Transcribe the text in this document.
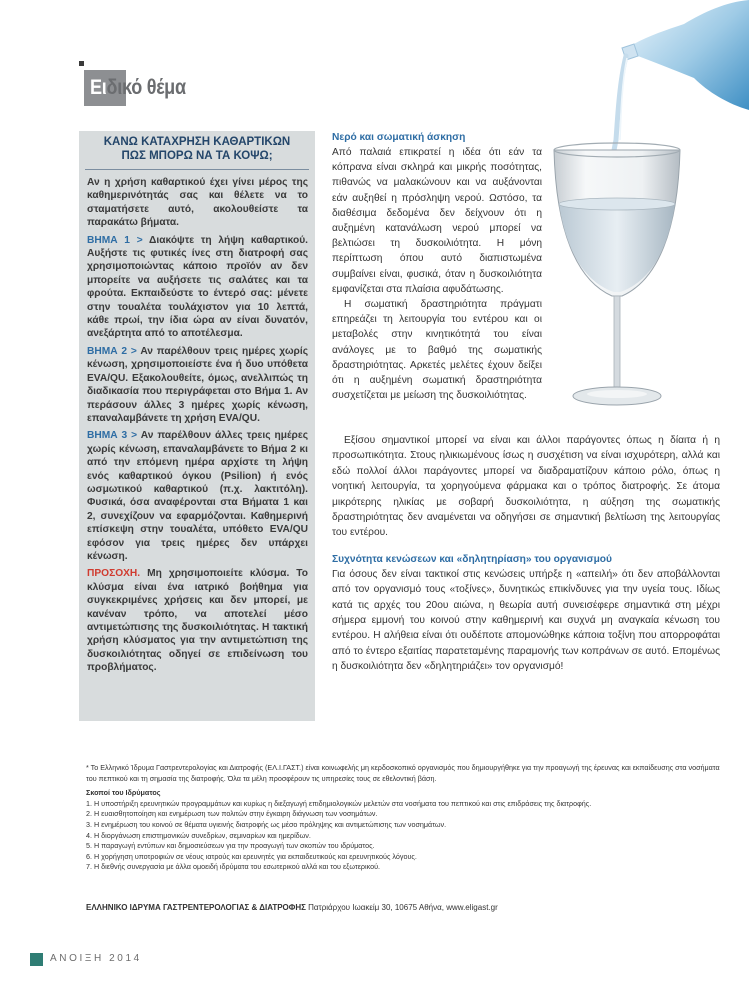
Ειδικό θέμα
ΚΑΝΩ ΚΑΤΑΧΡΗΣΗ ΚΑΘΑΡΤΙΚΩΝ
ΠΩΣ ΜΠΟΡΩ ΝΑ ΤΑ ΚΟΨΩ;

Αν η χρήση καθαρτικού έχει γίνει μέρος της καθημερινότητάς σας και θέλετε να το σταματήσετε αυτό, ακολουθείστε τα παρακάτω βήματα.

ΒΗΜΑ 1 > Διακόψτε τη λήψη καθαρτικού. Αυξήστε τις φυτικές ίνες στη διατροφή σας χρησιμοποιώντας κάποιο προϊόν αν δεν μπορείτε να αυξήσετε τις σαλάτες και τα φρούτα. Εκπαιδεύστε το έντερό σας: μένετε στην τουαλέτα τουλάχιστον για 10 λεπτά, κάθε πρωί, την ίδια ώρα αν είναι δυνατόν, ανεξάρτητα από το αποτέλεσμα.

ΒΗΜΑ 2 > Αν παρέλθουν τρεις ημέρες χωρίς κένωση, χρησιμοποιείστε ένα ή δυο υπόθετα EVA/QU. Εξακολουθείτε, όμως, ανελλιπώς τη διαδικασία που περιγράφεται στο Βήμα 1. Αν περάσουν άλλες 3 ημέρες χωρίς κένωση, επαναλαμβάνετε τη χρήση EVA/QU.

ΒΗΜΑ 3 > Αν παρέλθουν άλλες τρεις ημέρες χωρίς κένωση, επαναλαμβάνετε το Βήμα 2 κι από την επόμενη ημέρα αρχίστε τη λήψη ενός καθαρτικού όγκου (Psilion) ή ενός ωσμωτικού καθαρτικού (π.χ. λακτιτόλη). Φυσικά, όσα αναφέρονται στα Βήματα 1 και 2, συνεχίζουν να εφαρμόζονται. Καθημερινή επίσκεψη στην τουαλέτα, υπόθετο EVA/QU εφόσον για τρεις ημέρες δεν υπάρχει κένωση.

ΠΡΟΣΟΧΗ. Μη χρησιμοποιείτε κλύσμα. Το κλύσμα είναι ένα ιατρικό βοήθημα για συγκεκριμένες χρήσεις και δεν μπορεί, με κανέναν τρόπο, να αποτελεί μέσο αντιμετώπισης της δυσκοιλιότητας. Η τακτική χρήση κλύσματος για την αντιμετώπιση της δυσκοιλιότητας οδηγεί σε επιδείνωση του προβλήματος.

Νερό και σωματική άσκηση

Από παλαιά επικρατεί η ιδέα ότι εάν τα κόπρανα είναι σκληρά και μικρής ποσότητας, πιθανώς να μαλακώνουν και να αυξάνονται εάν αυξηθεί η πρόσληψη νερού. Ωστόσο, τα διαθέσιμα δεδομένα δεν δείχνουν ότι η αυξημένη κατανάλωση νερού μπορεί να βελτιώσει τη δυσκοιλιότητα. Η μόνη περίπτωση όπου αυτό διαπιστωμένα συμβαίνει είναι, φυσικά, όταν η δυσκοιλιότητα εμφανίζεται στα πλαίσια αφυδάτωσης.

Η σωματική δραστηριότητα πράγματι επηρεάζει τη λειτουργία του εντέρου και οι μεταβολές στην κινητικότητά του είναι ανάλογες με το βαθμό της σωματικής δραστηριότητας. Αρκετές μελέτες έχουν δείξει ότι η αυξημένη σωματική δραστηριότητα συσχετίζεται με μείωση της δυσκοιλιότητας.

Εξίσου σημαντικοί μπορεί να είναι και άλλοι παράγοντες όπως η δίαιτα ή η προσωπικότητα. Στους ηλικιωμένους ίσως η συσχέτιση να είναι ισχυρότερη, αλλά και εδώ πολλοί άλλοι παράγοντες μπορεί να διαδραματίζουν κάποιο ρόλο, όπως η νοητική λειτουργία, τα χορηγούμενα φάρμακα και ο τρόπος διατροφής. Σε άτομα μικρότερης ηλικίας με σοβαρή δυσκοιλιότητα, η αύξηση της σωματικής δραστηριότητας δεν αναμένεται να οδηγήσει σε σημαντική βελτίωση της λειτουργίας του εντέρου.

Συχνότητα κενώσεων και «δηλητηρίαση» του οργανισμού

Για όσους δεν είναι τακτικοί στις κενώσεις υπήρξε η «απειλή» ότι δεν αποβάλλονται από τον οργανισμό τους «τοξίνες», δυνητικώς επικίνδυνες για την υγεία τους. Ιδίως κατά τις αρχές του 20ου αιώνα, η θεωρία αυτή συνεισέφερε σημαντικά στη μέχρι σήμερα εμμονή του κοινού στην καθημερινή και συχνά μη αναγκαία κένωση του εντέρου. Η αλήθεια είναι ότι ουδέποτε απομονώθηκε κάποια τοξίνη που απορροφάται από το έντερο εξαιτίας παρατεταμένης παραμονής των κοπράνων σε αυτό. Επομένως η δυσκοιλιότητα δεν «δηλητηριάζει» τον οργανισμό!

* Το Ελληνικό Ίδρυμα Γαστρεντερολογίας και Διατροφής (ΕΛ.Ι.ΓΑΣΤ.) είναι κοινωφελής μη κερδοσκοπικό οργανισμός που δημιουργήθηκε για την προαγωγή της έρευνας και εκπαίδευσης στα νοσήματα του πεπτικού και τη σημασία της διατροφής. Όλα τα μέλη προσφέρουν τις υπηρεσίες τους σε εθελοντική βάση.

Σκοποί του Ιδρύματος

1. Η υποστήριξη ερευνητικών προγραμμάτων και κυρίως η διεξαγωγή επιδημιολογικών μελετών στα νοσήματα του πεπτικού και στις επιδράσεις της διατροφής.

2. Η ευαισθητοποίηση και ενημέρωση των πολιτών στην έγκαιρη διάγνωση των νοσημάτων.

3. Η ενημέρωση του κοινού σε θέματα υγιεινής διατροφής ως μέσο πρόληψης και αντιμετώπισης των νοσημάτων.

4. Η διοργάνωση επιστημονικών συνεδρίων, σεμιναρίων και ημερίδων.

5. Η παραγωγή εντύπων και δημοσιεύσεων για την προαγωγή των σκοπών του ιδρύματος.

6. Η χορήγηση υποτροφιών σε νέους ιατρούς και ερευνητές για εκπαιδευτικούς και ερευνητικούς λόγους.

7. Η διεθνής συνεργασία με άλλα ομοειδή ιδρύματα του εσωτερικού αλλά και του εξωτερικού.

ΕΛΛΗΝΙΚΟ ΙΔΡΥΜΑ ΓΑΣΤΡΕΝΤΕΡΟΛΟΓΙΑΣ & ΔΙΑΤΡΟΦΗΣ Πατριάρχου Ιωακείμ 30, 10675 Αθήνα, www.eligast.gr
ΑΝΟΙΞΗ 2014
